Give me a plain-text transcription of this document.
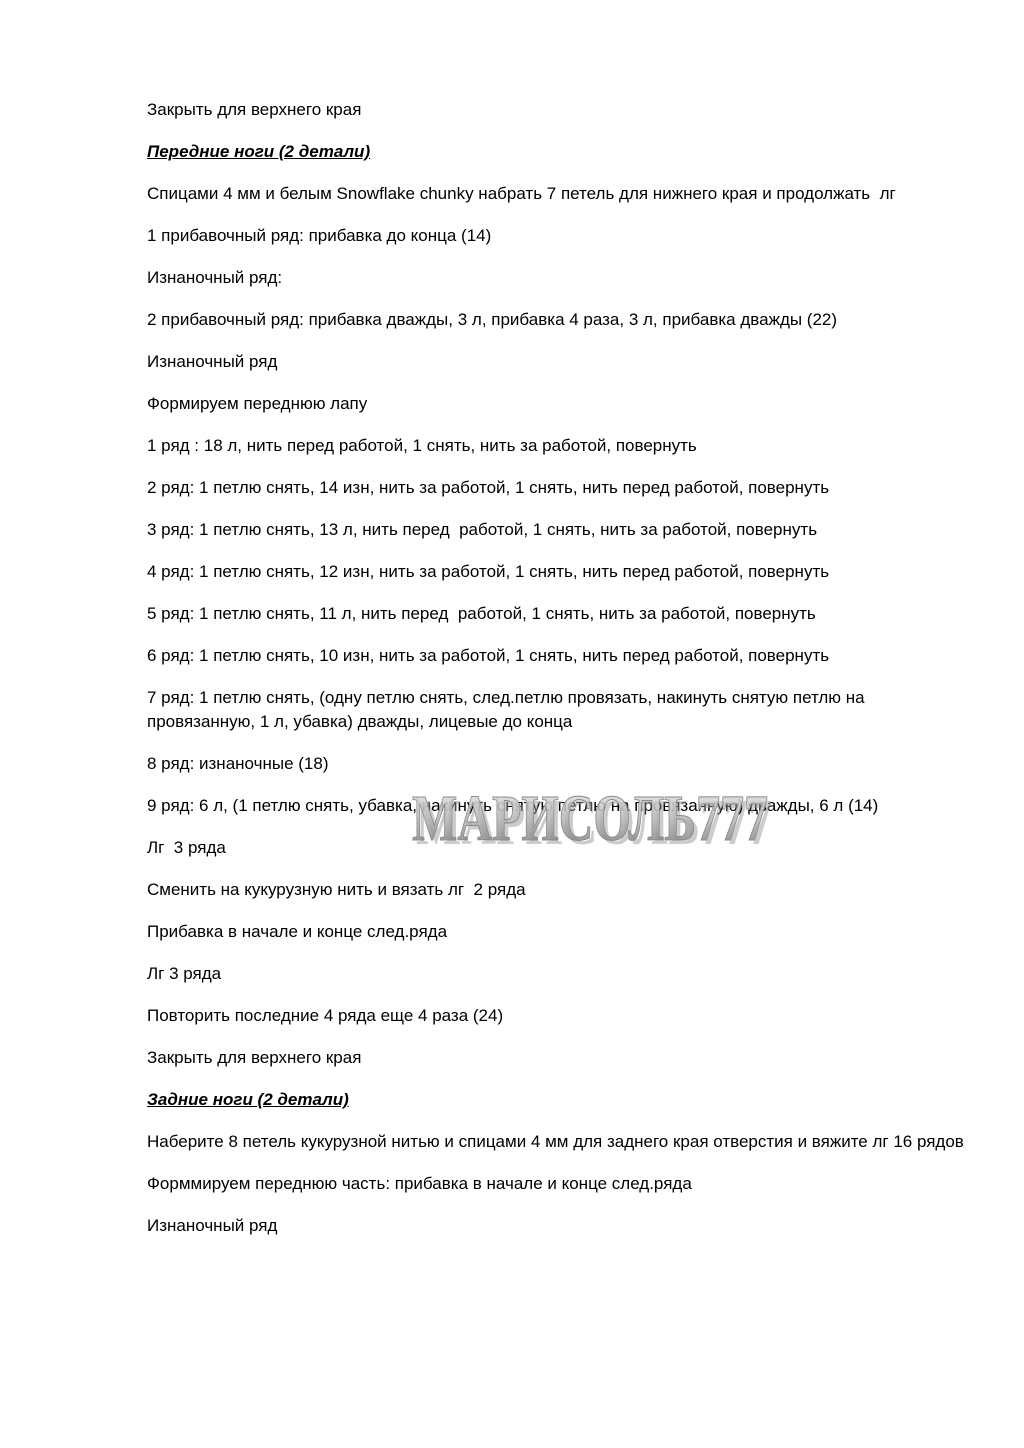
Закрыть для верхнего края

Передние ноги (2 детали)

Спицами 4 мм и белым Snowflake chunky набрать 7 петель для нижнего края и продолжать  лг

1 прибавочный ряд: прибавка до конца (14)

Изнаночный ряд:

2 прибавочный ряд: прибавка дважды, 3 л, прибавка 4 раза, 3 л, прибавка дважды (22)

Изнаночный ряд

Формируем переднюю лапу

1 ряд : 18 л, нить перед работой, 1 снять, нить за работой, повернуть

2 ряд: 1 петлю снять, 14 изн, нить за работой, 1 снять, нить перед работой, повернуть

3 ряд: 1 петлю снять, 13 л, нить перед  работой, 1 снять, нить за работой, повернуть

4 ряд: 1 петлю снять, 12 изн, нить за работой, 1 снять, нить перед работой, повернуть

5 ряд: 1 петлю снять, 11 л, нить перед  работой, 1 снять, нить за работой, повернуть

6 ряд: 1 петлю снять, 10 изн, нить за работой, 1 снять, нить перед работой, повернуть

7 ряд: 1 петлю снять, (одну петлю снять, след.петлю провязать, накинуть снятую петлю на провязанную, 1 л, убавка) дважды, лицевые до конца

8 ряд: изнаночные (18)

9 ряд: 6 л, (1 петлю снять, убавка, накинуть снятую петлю на провязанную) дважды, 6 л (14)

Лг  3 ряда

Сменить на кукурузную нить и вязать лг  2 ряда

Прибавка в начале и конце след.ряда

Лг 3 ряда

Повторить последние 4 ряда еще 4 раза (24)

Закрыть для верхнего края

Задние ноги (2 детали)

Наберите 8 петель кукурузной нитью и спицами 4 мм для заднего края отверстия и вяжите лг 16 рядов

Форммируем переднюю часть: прибавка в начале и конце след.ряда

Изнаночный ряд

МАРИСОЛЬ777
МАРИСОЛЬ777
